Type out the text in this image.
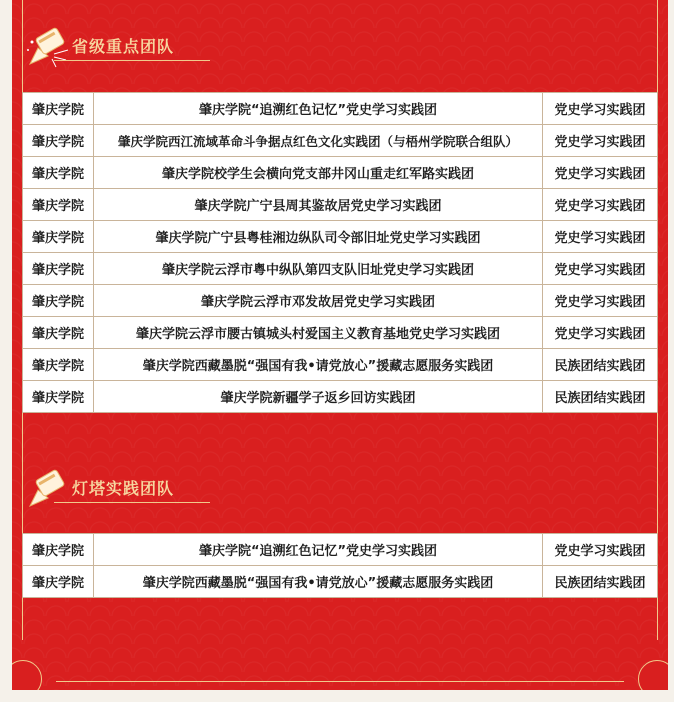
省级重点团队
肇庆学院	肇庆学院“追溯红色记忆”党史学习实践团	党史学习实践团
肇庆学院	肇庆学院西江流域革命斗争据点红色文化实践团（与梧州学院联合组队）	党史学习实践团
肇庆学院	肇庆学院校学生会横向党支部井冈山重走红军路实践团	党史学习实践团
肇庆学院	肇庆学院广宁县周其鉴故居党史学习实践团	党史学习实践团
肇庆学院	肇庆学院广宁县粤桂湘边纵队司令部旧址党史学习实践团	党史学习实践团
肇庆学院	肇庆学院云浮市粤中纵队第四支队旧址党史学习实践团	党史学习实践团
肇庆学院	肇庆学院云浮市邓发故居党史学习实践团	党史学习实践团
肇庆学院	肇庆学院云浮市腰古镇城头村爱国主义教育基地党史学习实践团	党史学习实践团
肇庆学院	肇庆学院西藏墨脱“强国有我•请党放心”援藏志愿服务实践团	民族团结实践团
肇庆学院	肇庆学院新疆学子返乡回访实践团	民族团结实践团
灯塔实践团队
肇庆学院	肇庆学院“追溯红色记忆”党史学习实践团	党史学习实践团
肇庆学院	肇庆学院西藏墨脱“强国有我•请党放心”援藏志愿服务实践团	民族团结实践团
